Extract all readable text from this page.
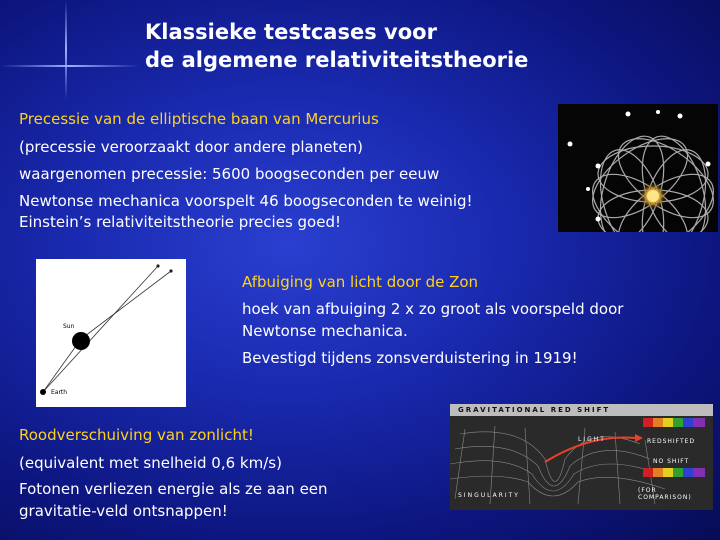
Klassieke testcases voor
de algemene relativiteitstheorie

Precessie van de elliptische baan van Mercurius

(precessie veroorzaakt door andere planeten)

waargenomen precessie: 5600 boogseconden per eeuw

Newtonse mechanica voorspelt 46 boogseconden te weinig!

Einstein’s relativiteitstheorie precies goed!

Sun
Earth

Afbuiging van licht door de Zon

hoek van afbuiging 2 x zo groot als voorspeld door

Newtonse mechanica.

Bevestigd tijdens zonsverduistering in 1919!

Roodverschuiving van zonlicht!

(equivalent met snelheid 0,6 km/s)

Fotonen verliezen energie als ze aan een

gravitatie-veld ontsnappen!

GRAVITATIONAL RED SHIFT
LIGHT	REDSHIFTED
NO SHIFT
(FOR COMPARISON)
SINGULARITY
